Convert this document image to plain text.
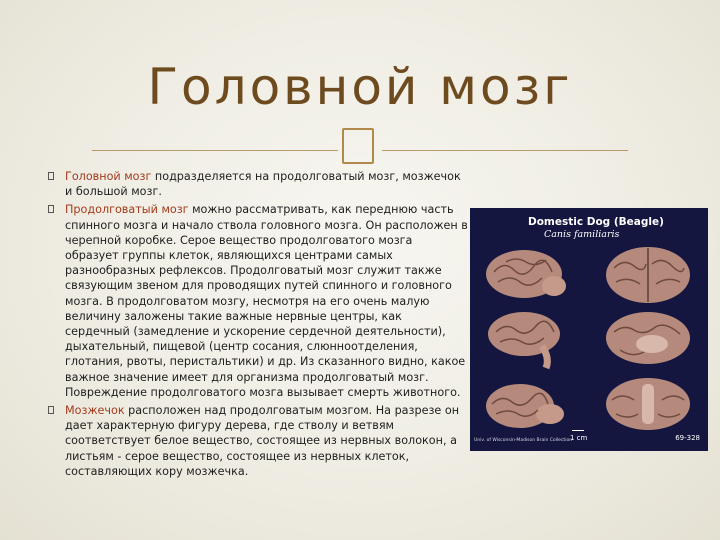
Головной мозг

Головной мозг подразделяется на продолговатый мозг, мозжечок и большой мозг.

Продолговатый мозг можно рассматривать, как переднюю часть спинного мозга и начало ствола головного мозга. Он расположен в черепной коробке. Серое вещество продолговатого мозга образует группы клеток, являющихся центрами самых разнообразных рефлексов. Продолговатый мозг служит также связующим звеном для проводящих путей спинного и головного мозга. В продолговатом мозгу, несмотря на его очень малую величину заложены такие важные нервные центры, как сердечный (замедление и ускорение сердечной деятельности), дыхательный, пищевой (центр сосания, слюнноотделения, глотания, рвоты, перистальтики) и др. Из сказанного видно, какое важное значение имеет для организма продолговатый мозг. Повреждение продолговатого мозга вызывает смерть животного.

Мозжечок расположен над продолговатым мозгом. На разрезе он дает характерную фигуру дерева, где стволу и ветвям соответствует белое вещество, состоящее из нервных волокон, а листьям - серое вещество, состоящее из нервных клеток, составляющих кору мозжечка.

Domestic Dog (Beagle)
Canis familiaris
1 cm	69-328
Univ. of Wisconsin-Madison Brain Collection
